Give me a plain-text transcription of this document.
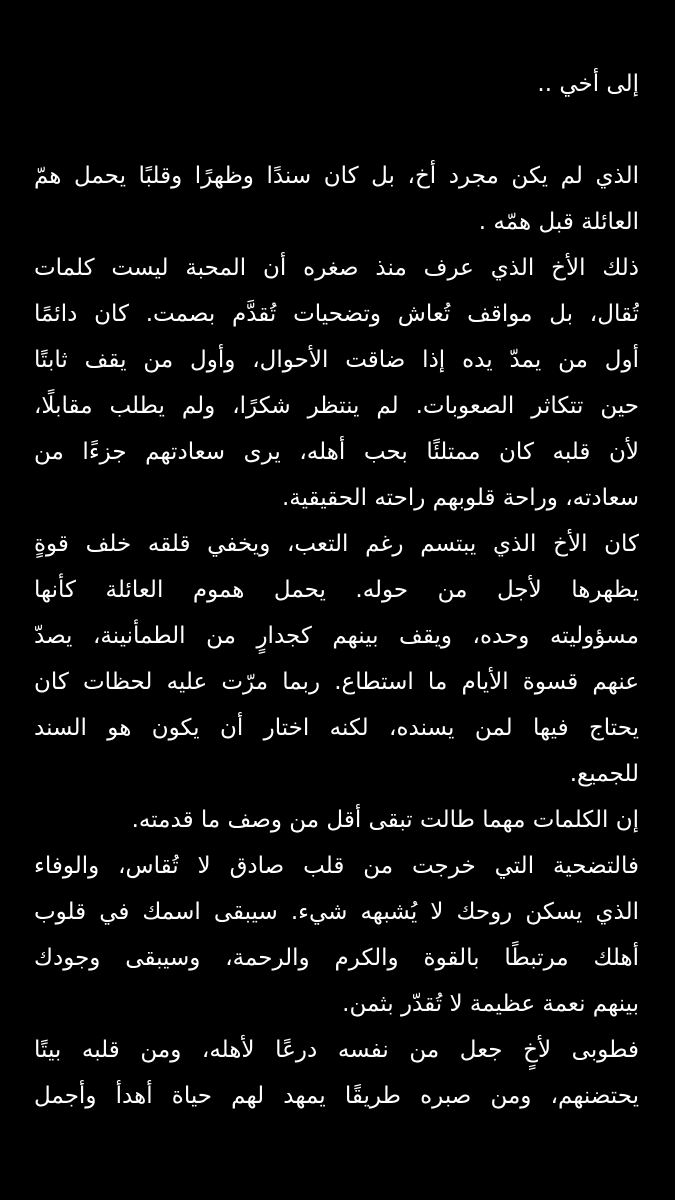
إلى أخي ..
الذي لم يكن مجرد أخ، بل كان سندًا وظهرًا وقلبًا يحمل همّ
العائلة قبل همّه .
ذلك الأخ الذي عرف منذ صغره أن المحبة ليست كلمات
تُقال، بل مواقف تُعاش وتضحيات تُقدَّم بصمت. كان دائمًا
أول من يمدّ يده إذا ضاقت الأحوال، وأول من يقف ثابتًا
حين تتكاثر الصعوبات. لم ينتظر شكرًا، ولم يطلب مقابلًا،
لأن قلبه كان ممتلئًا بحب أهله، يرى سعادتهم جزءًا من
سعادته، وراحة قلوبهم راحته الحقيقية.
كان الأخ الذي يبتسم رغم التعب، ويخفي قلقه خلف قوةٍ
يظهرها لأجل من حوله. يحمل هموم العائلة كأنها
مسؤوليته وحده، ويقف بينهم كجدارٍ من الطمأنينة، يصدّ
عنهم قسوة الأيام ما استطاع. ربما مرّت عليه لحظات كان
يحتاج فيها لمن يسنده، لكنه اختار أن يكون هو السند
للجميع.
إن الكلمات مهما طالت تبقى أقل من وصف ما قدمته.
فالتضحية التي خرجت من قلب صادق لا تُقاس، والوفاء
الذي يسكن روحك لا يُشبهه شيء. سيبقى اسمك في قلوب
أهلك مرتبطًا بالقوة والكرم والرحمة، وسيبقى وجودك
بينهم نعمة عظيمة لا تُقدّر بثمن.
فطوبى لأخٍ جعل من نفسه درعًا لأهله، ومن قلبه بيتًا
يحتضنهم، ومن صبره طريقًا يمهد لهم حياة أهدأ وأجمل
